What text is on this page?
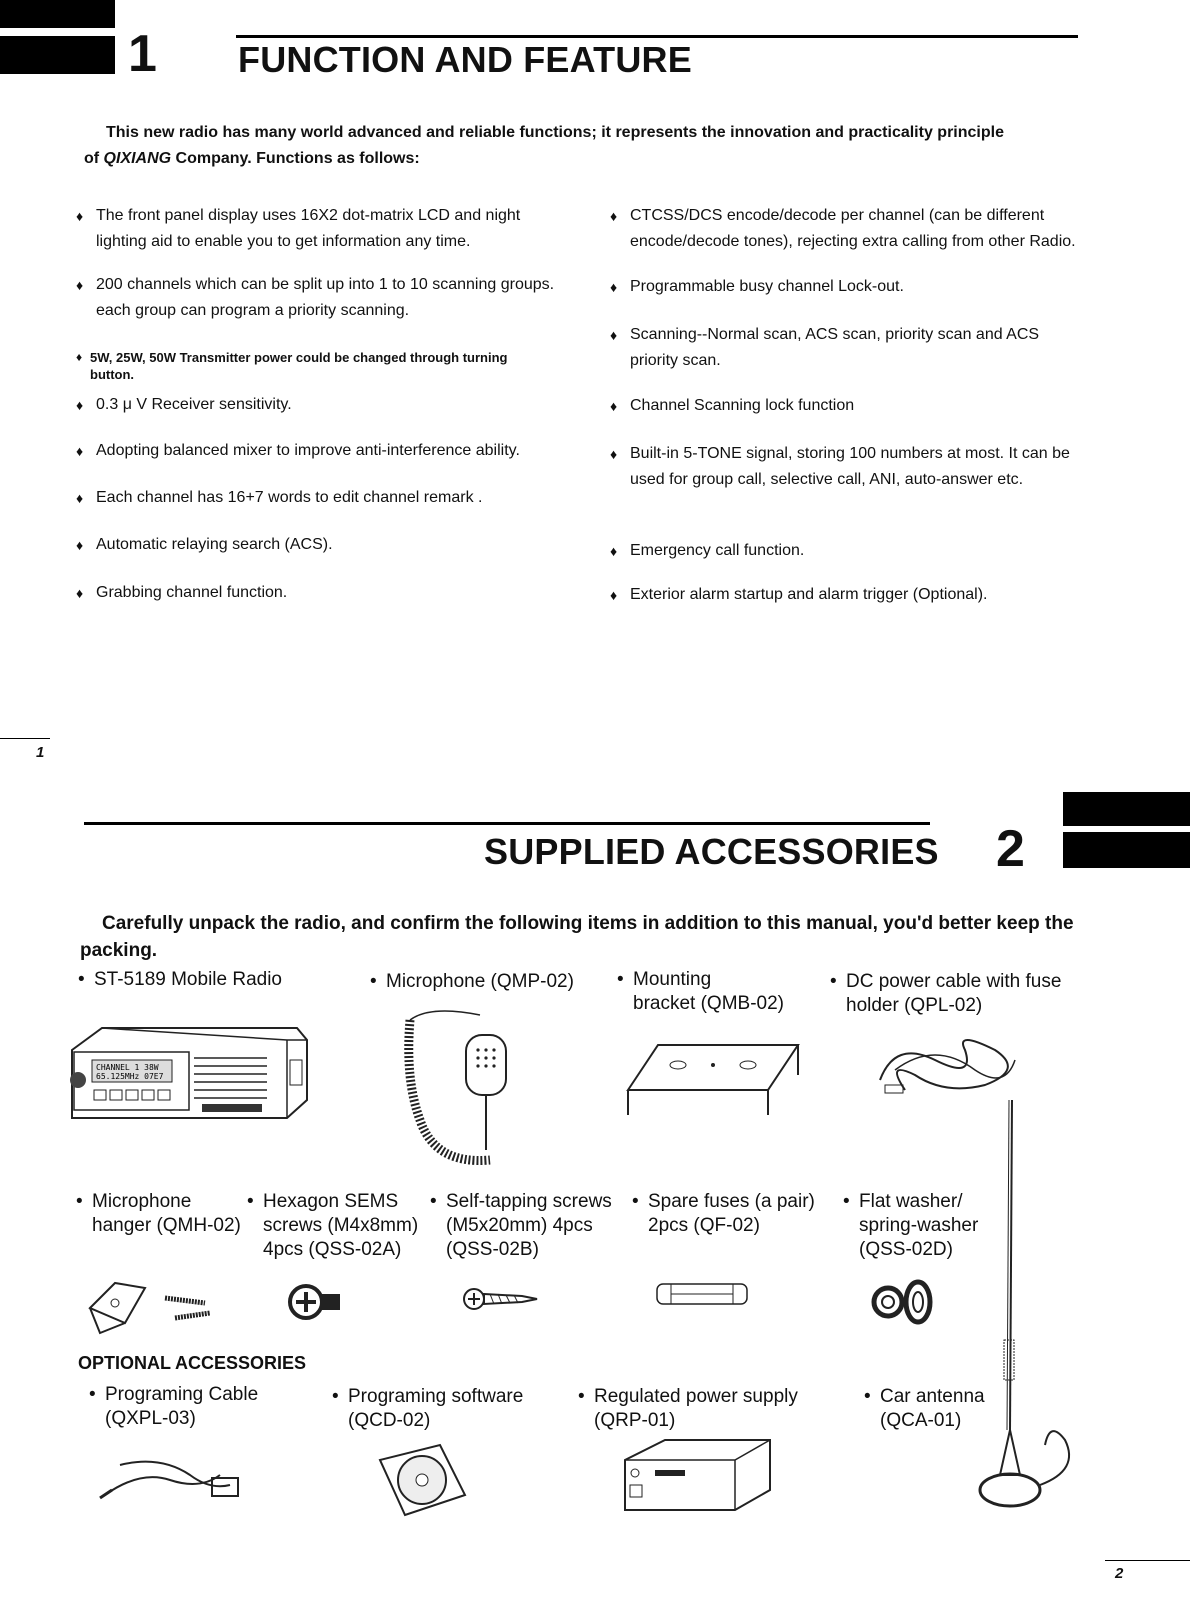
1 FUNCTION AND FEATURE
This new radio has many world advanced and reliable functions; it represents the innovation and practicality principle
of QIXIANG Company. Functions as follows:
♦ The front panel display uses 16X2 dot-matrix LCD and night lighting aid to enable you to get information any time.
♦ 200 channels which can be split up into 1 to 10 scanning groups. each group can program a priority scanning.
♦ 5W, 25W, 50W Transmitter power could be changed through turning button.
♦ 0.3 μ V Receiver sensitivity.
♦ Adopting balanced mixer to improve anti-interference ability.
♦ Each channel has 16+7 words to edit channel remark .
♦ Automatic relaying search (ACS).
♦ Grabbing channel function.
♦ CTCSS/DCS encode/decode per channel (can be different encode/decode tones), rejecting extra calling from other Radio.
♦ Programmable busy channel Lock-out.
♦ Scanning--Normal scan, ACS scan, priority scan and ACS priority scan.
♦ Channel Scanning lock function
♦ Built-in 5-TONE signal, storing 100 numbers at most. It can be used for group call, selective call, ANI, auto-answer etc.
♦ Emergency call function.
♦ Exterior alarm startup and alarm trigger (Optional).
1
SUPPLIED ACCESSORIES 2
Carefully unpack the radio, and confirm the following items in addition to this manual, you'd better keep the packing.
• ST-5189 Mobile Radio	• Microphone (QMP-02)	• Mounting
bracket (QMB-02)
• DC power cable with fuse
holder (QPL-02)
CHANNEL 1 38W
65.125MHz 07E7
• Microphone
hanger (QMH-02)
• Hexagon SEMS
screws (M4x8mm)
4pcs (QSS-02A)
• Self-tapping screws
(M5x20mm) 4pcs
(QSS-02B)
• Spare fuses (a pair)
2pcs (QF-02)
• Flat washer/
spring-washer
(QSS-02D)
OPTIONAL ACCESSORIES
• Programing Cable
(QXPL-03)
• Programing software
(QCD-02)
• Regulated power supply
(QRP-01)
• Car antenna
(QCA-01)
2
